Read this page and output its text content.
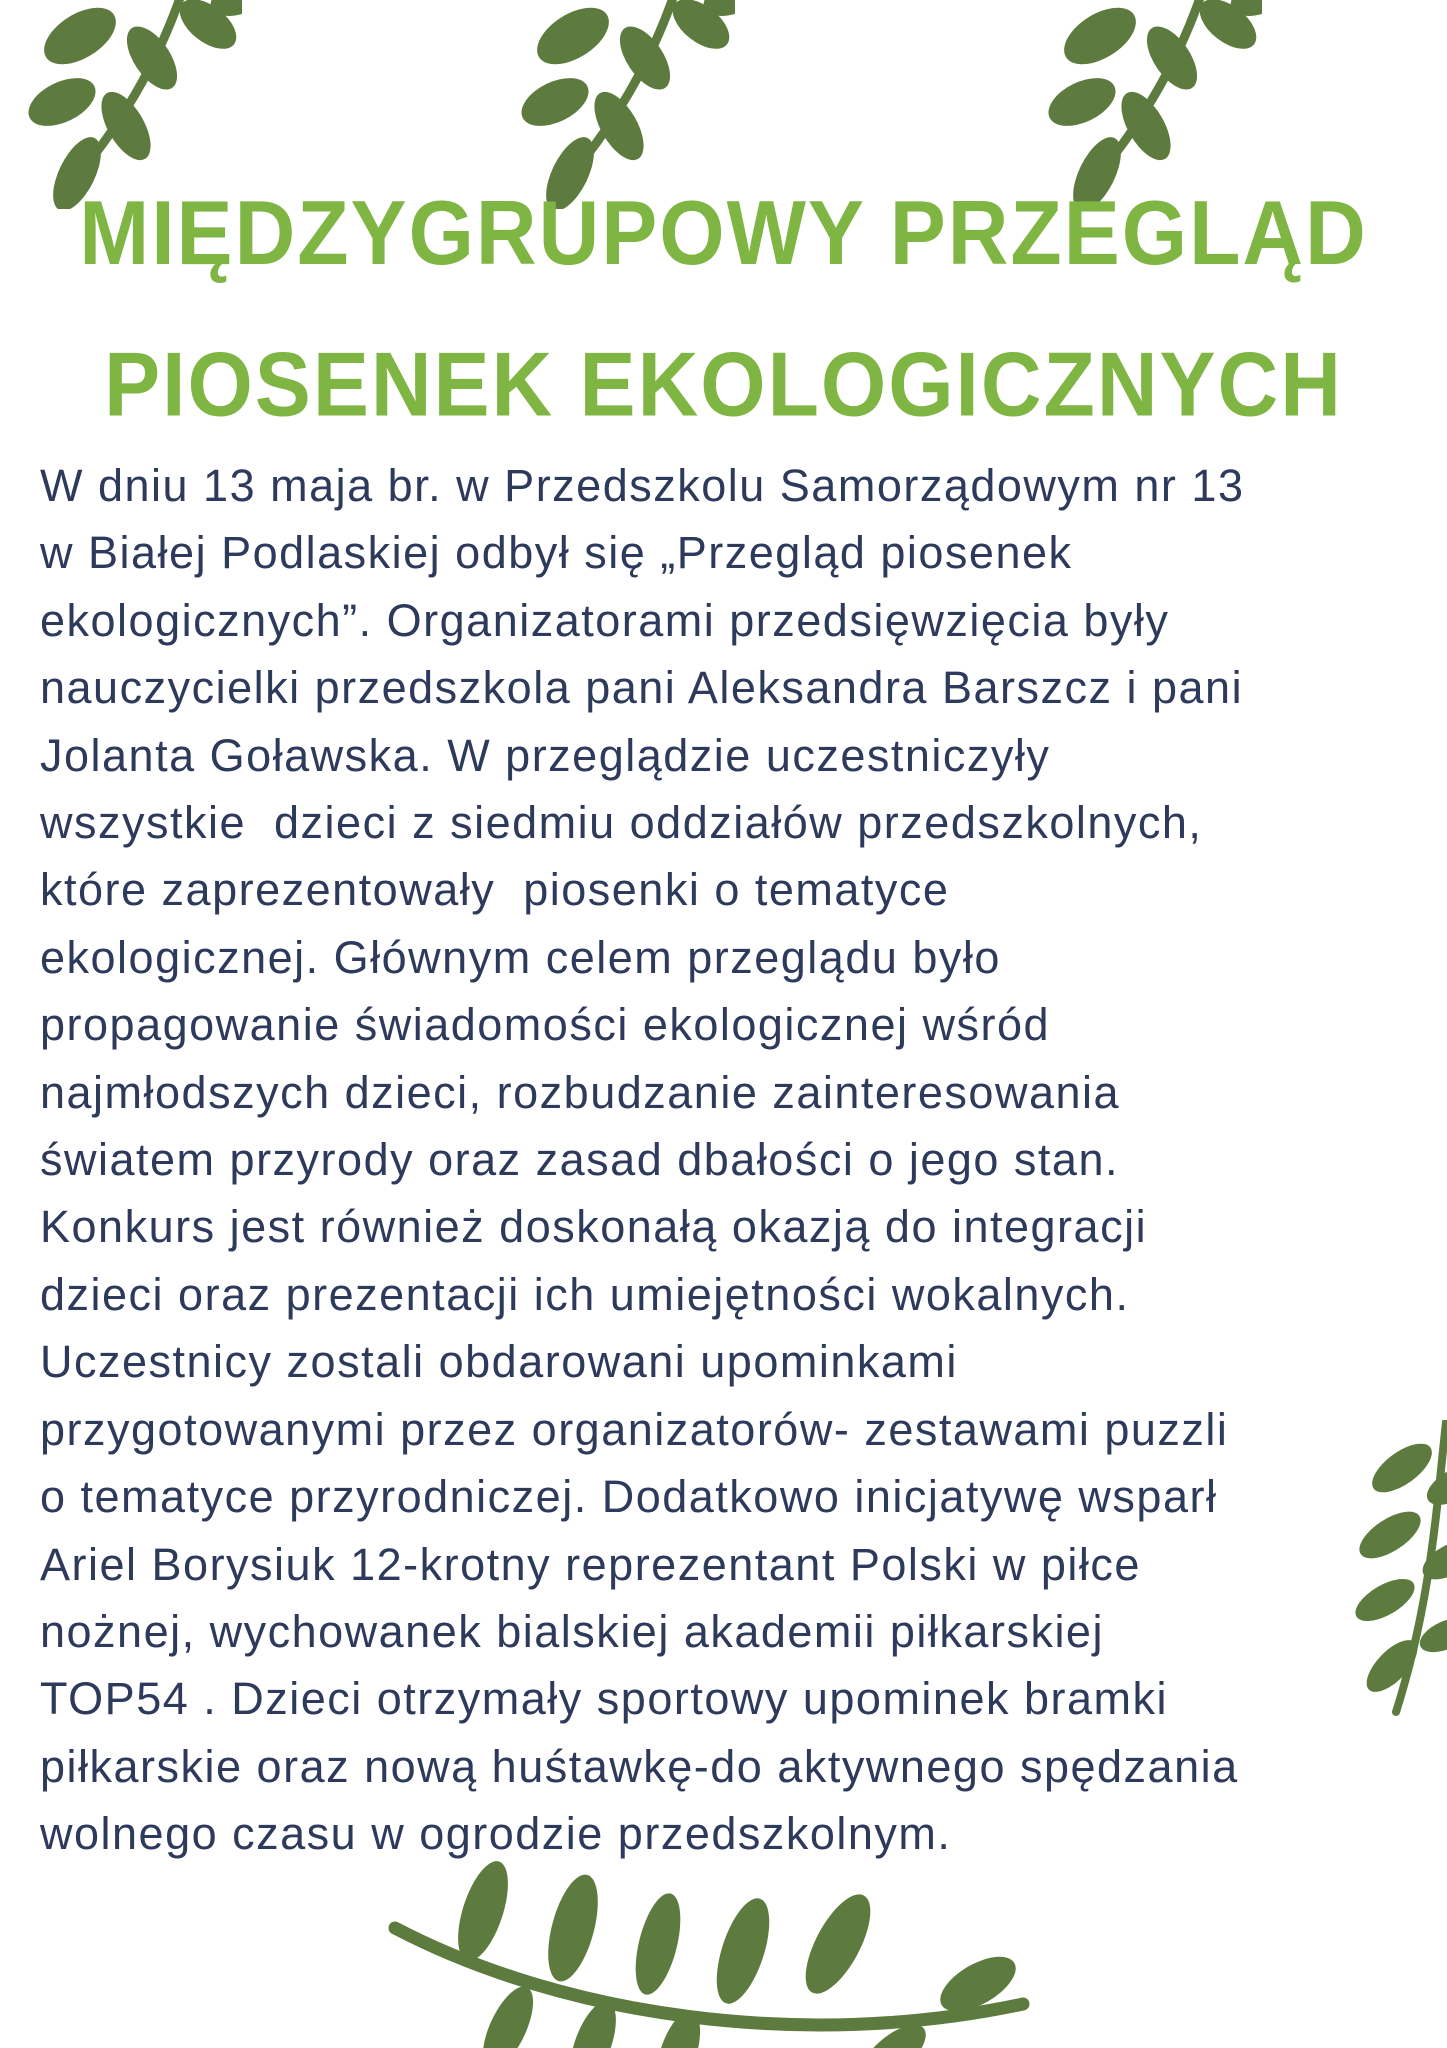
MIĘDZYGRUPOWY PRZEGLĄD

PIOSENEK EKOLOGICZNYCH
W dniu 13 maja br. w Przedszkolu Samorządowym nr 13
w Białej Podlaskiej odbył się „Przegląd piosenek
ekologicznych”. Organizatorami przedsięwzięcia były
nauczycielki przedszkola pani Aleksandra Barszcz i pani
Jolanta Goławska. W przeglądzie uczestniczyły
wszystkie  dzieci z siedmiu oddziałów przedszkolnych,
które zaprezentowały  piosenki o tematyce
ekologicznej. Głównym celem przeglądu było
propagowanie świadomości ekologicznej wśród
najmłodszych dzieci, rozbudzanie zainteresowania
światem przyrody oraz zasad dbałości o jego stan.
Konkurs jest również doskonałą okazją do integracji
dzieci oraz prezentacji ich umiejętności wokalnych.
Uczestnicy zostali obdarowani upominkami
przygotowanymi przez organizatorów- zestawami puzzli
o tematyce przyrodniczej. Dodatkowo inicjatywę wsparł
Ariel Borysiuk 12-krotny reprezentant Polski w piłce
nożnej, wychowanek bialskiej akademii piłkarskiej
TOP54 . Dzieci otrzymały sportowy upominek bramki
piłkarskie oraz nową huśtawkę-do aktywnego spędzania
wolnego czasu w ogrodzie przedszkolnym.
